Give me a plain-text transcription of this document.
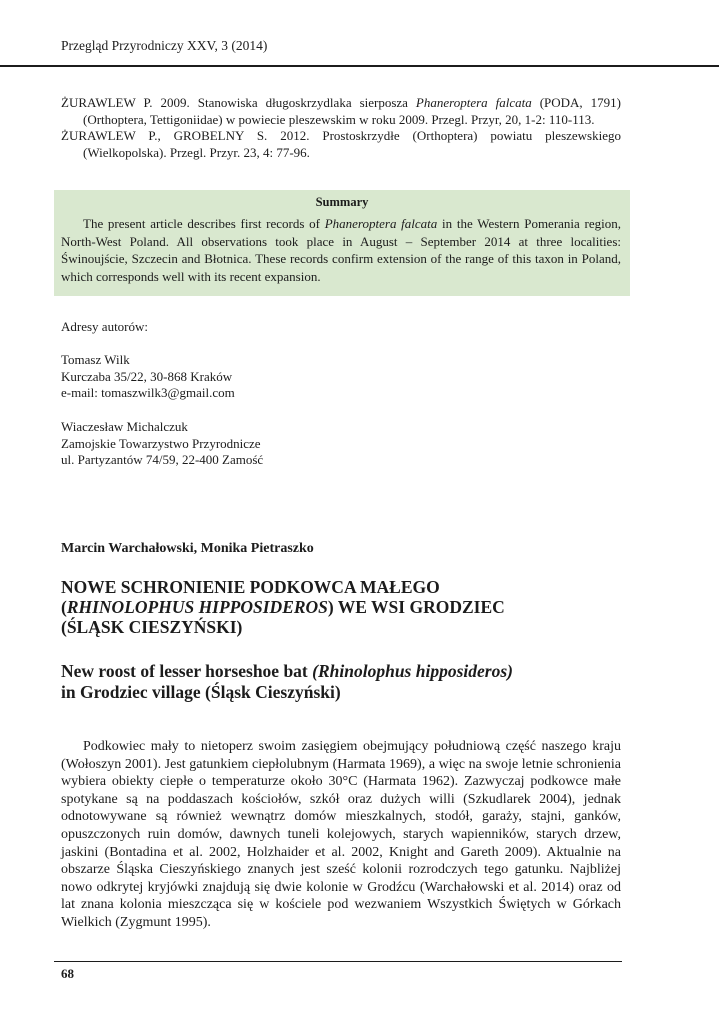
Przegląd Przyrodniczy XXV, 3 (2014)
ŻURAWLEW P. 2009. Stanowiska długoskrzydlaka sierposza Phaneroptera falcata (PODA, 1791) (Orthoptera, Tettigoniidae) w powiecie pleszewskim w roku 2009. Przegl. Przyr, 20, 1-2: 110-113.
ŻURAWLEW P., GROBELNY S. 2012. Prostoskrzydłe (Orthoptera) powiatu pleszewskiego (Wielkopolska). Przegl. Przyr. 23, 4: 77-96.
Summary

The present article describes first records of Phaneroptera falcata in the Western Pomerania region, North-West Poland. All observations took place in August – September 2014 at three localities: Świnoujście, Szczecin and Błotnica. These records confirm extension of the range of this taxon in Poland, which corresponds well with its recent expansion.

Adresy autorów:
Tomasz Wilk
Kurczaba 35/22, 30-868 Kraków
e-mail: tomaszwilk3@gmail.com
Wiaczesław Michalczuk
Zamojskie Towarzystwo Przyrodnicze
ul. Partyzantów 74/59, 22-400 Zamość
Marcin Warchałowski, Monika Pietraszko
NOWE SCHRONIENIE PODKOWCA MAŁEGO
(RHINOLOPHUS HIPPOSIDEROS) WE WSI GRODZIEC
(ŚLĄSK CIESZYŃSKI)
New roost of lesser horseshoe bat (Rhinolophus hipposideros)
in Grodziec village (Śląsk Cieszyński)

Podkowiec mały to nietoperz swoim zasięgiem obejmujący południową część naszego kraju (Wołoszyn 2001). Jest gatunkiem ciepłolubnym (Harmata 1969), a więc na swoje letnie schronienia wybiera obiekty ciepłe o temperaturze około 30°C (Harmata 1962). Zazwyczaj podkowce małe spotykane są na poddaszach kościołów, szkół oraz dużych willi (Szkudlarek 2004), jednak odnotowywane są również wewnątrz domów mieszkalnych, stodół, garaży, stajni, ganków, opuszczonych ruin domów, dawnych tuneli kolejowych, starych wapienników, starych drzew, jaskini (Bontadina et al. 2002, Holzhaider et al. 2002, Knight and Gareth 2009). Aktualnie na obszarze Śląska Cieszyńskiego znanych jest sześć kolonii rozrodczych tego gatunku. Najbliżej nowo odkrytej kryjówki znajdują się dwie kolonie w Grodźcu (Warchałowski et al. 2014) oraz od lat znana kolonia mieszcząca się w kościele pod wezwaniem Wszystkich Świętych w Górkach Wielkich (Zygmunt 1995).

68
